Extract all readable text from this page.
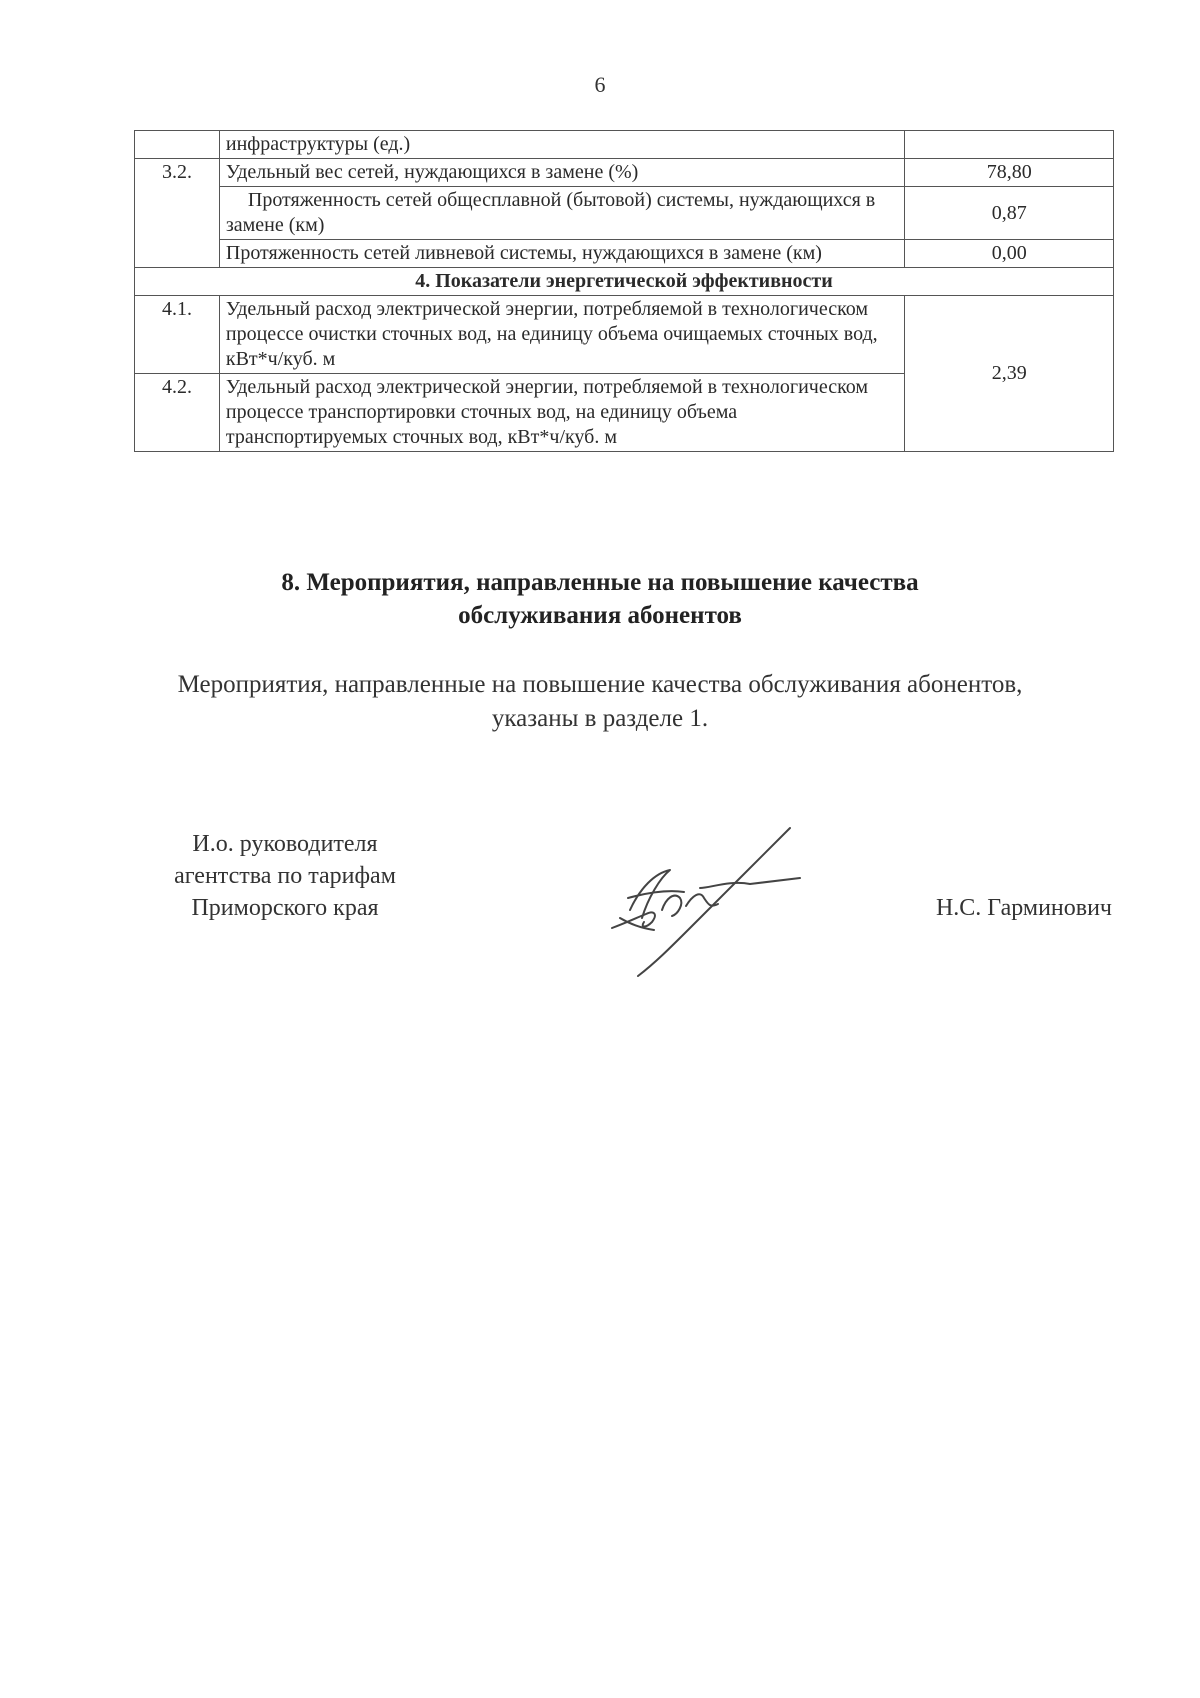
6
	инфраструктуры (ед.)	
3.2.	Удельный вес сетей, нуждающихся в замене (%)	78,80
	Протяженность сетей общесплавной (бытовой) системы, нуждающихся в замене (км)	0,87
	Протяженность сетей ливневой системы, нуждающихся в замене (км)	0,00
4. Показатели энергетической эффективности		
4.1.	Удельный расход электрической энергии, потребляемой в технологическом процессе очистки сточных вод, на единицу объема очищаемых сточных вод, кВт*ч/куб. м	2,39
4.2.	Удельный расход электрической энергии, потребляемой в технологическом процессе транспортировки сточных вод, на единицу объема транспортируемых сточных вод, кВт*ч/куб. м	
8. Мероприятия, направленные на повышение качества
обслуживания абонентов
Мероприятия, направленные на повышение качества обслуживания абонентов,
указаны в разделе 1.
И.о. руководителя
агентства по тарифам
Приморского края	Н.С. Гарминович
